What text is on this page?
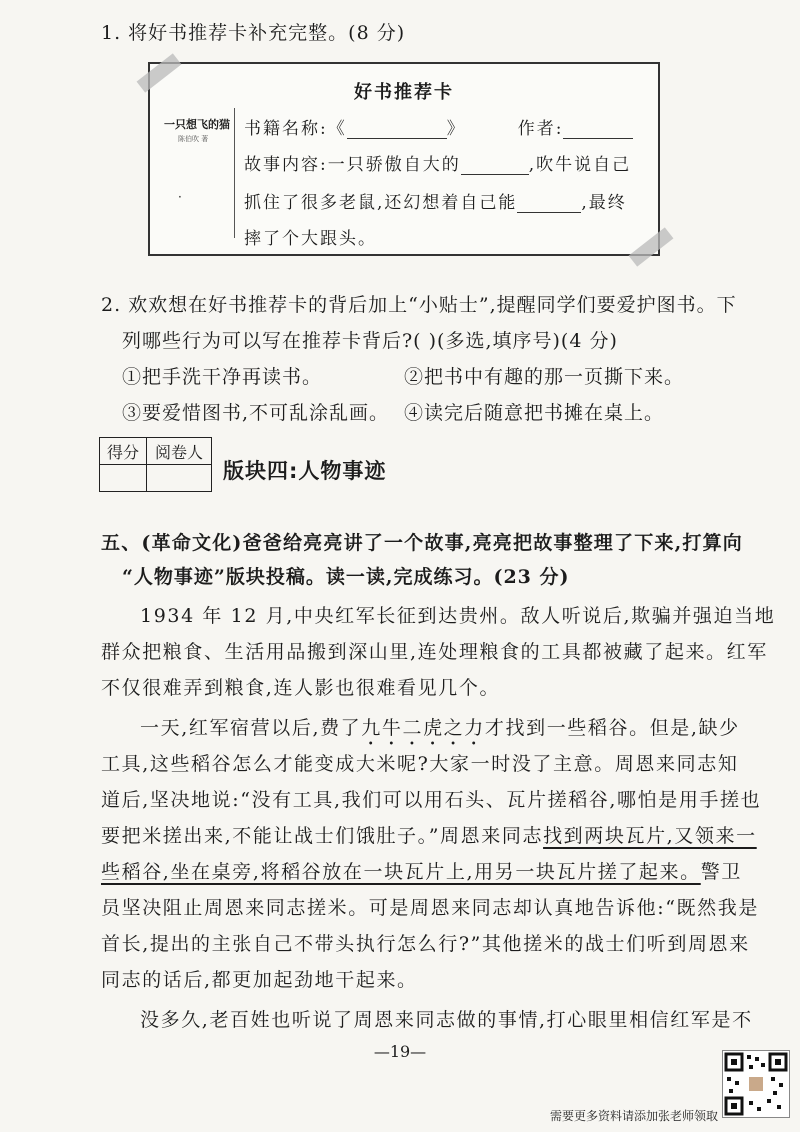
1. 将好书推荐卡补充完整。(8 分)
好书推荐卡
一只想飞的猫
陈伯吹 著
·
书籍名称:《	》	作者:
故事内容:一只骄傲自大的	,吹牛说自己
抓住了很多老鼠,还幻想着自己能	,最终
摔了个大跟头。
2. 欢欢想在好书推荐卡的背后加上“小贴士”,提醒同学们要爱护图书。下
列哪些行为可以写在推荐卡背后?( )(多选,填序号)(4 分)
①把手洗干净再读书。	②把书中有趣的那一页撕下来。
③要爱惜图书,不可乱涂乱画。 ④读完后随意把书摊在桌上。
得分	阅卷人

版块四:人物事迹
五、(革命文化)爸爸给亮亮讲了一个故事,亮亮把故事整理了下来,打算向
“人物事迹”版块投稿。读一读,完成练习。(23 分)
1934 年 12 月,中央红军长征到达贵州。敌人听说后,欺骗并强迫当地
群众把粮食、生活用品搬到深山里,连处理粮食的工具都被藏了起来。红军
不仅很难弄到粮食,连人影也很难看见几个。
一天,红军宿营以后,费了九牛二虎之力才找到一些稻谷。但是,缺少
工具,这些稻谷怎么才能变成大米呢?大家一时没了主意。周恩来同志知
道后,坚决地说:“没有工具,我们可以用石头、瓦片搓稻谷,哪怕是用手搓也
要把米搓出来,不能让战士们饿肚子。”周恩来同志找到两块瓦片,又领来一
些稻谷,坐在桌旁,将稻谷放在一块瓦片上,用另一块瓦片搓了起来。警卫
员坚决阻止周恩来同志搓米。可是周恩来同志却认真地告诉他:“既然我是
首长,提出的主张自己不带头执行怎么行?”其他搓米的战士们听到周恩来
同志的话后,都更加起劲地干起来。
没多久,老百姓也听说了周恩来同志做的事情,打心眼里相信红军是不
—19—
需要更多资料请添加张老师领取
